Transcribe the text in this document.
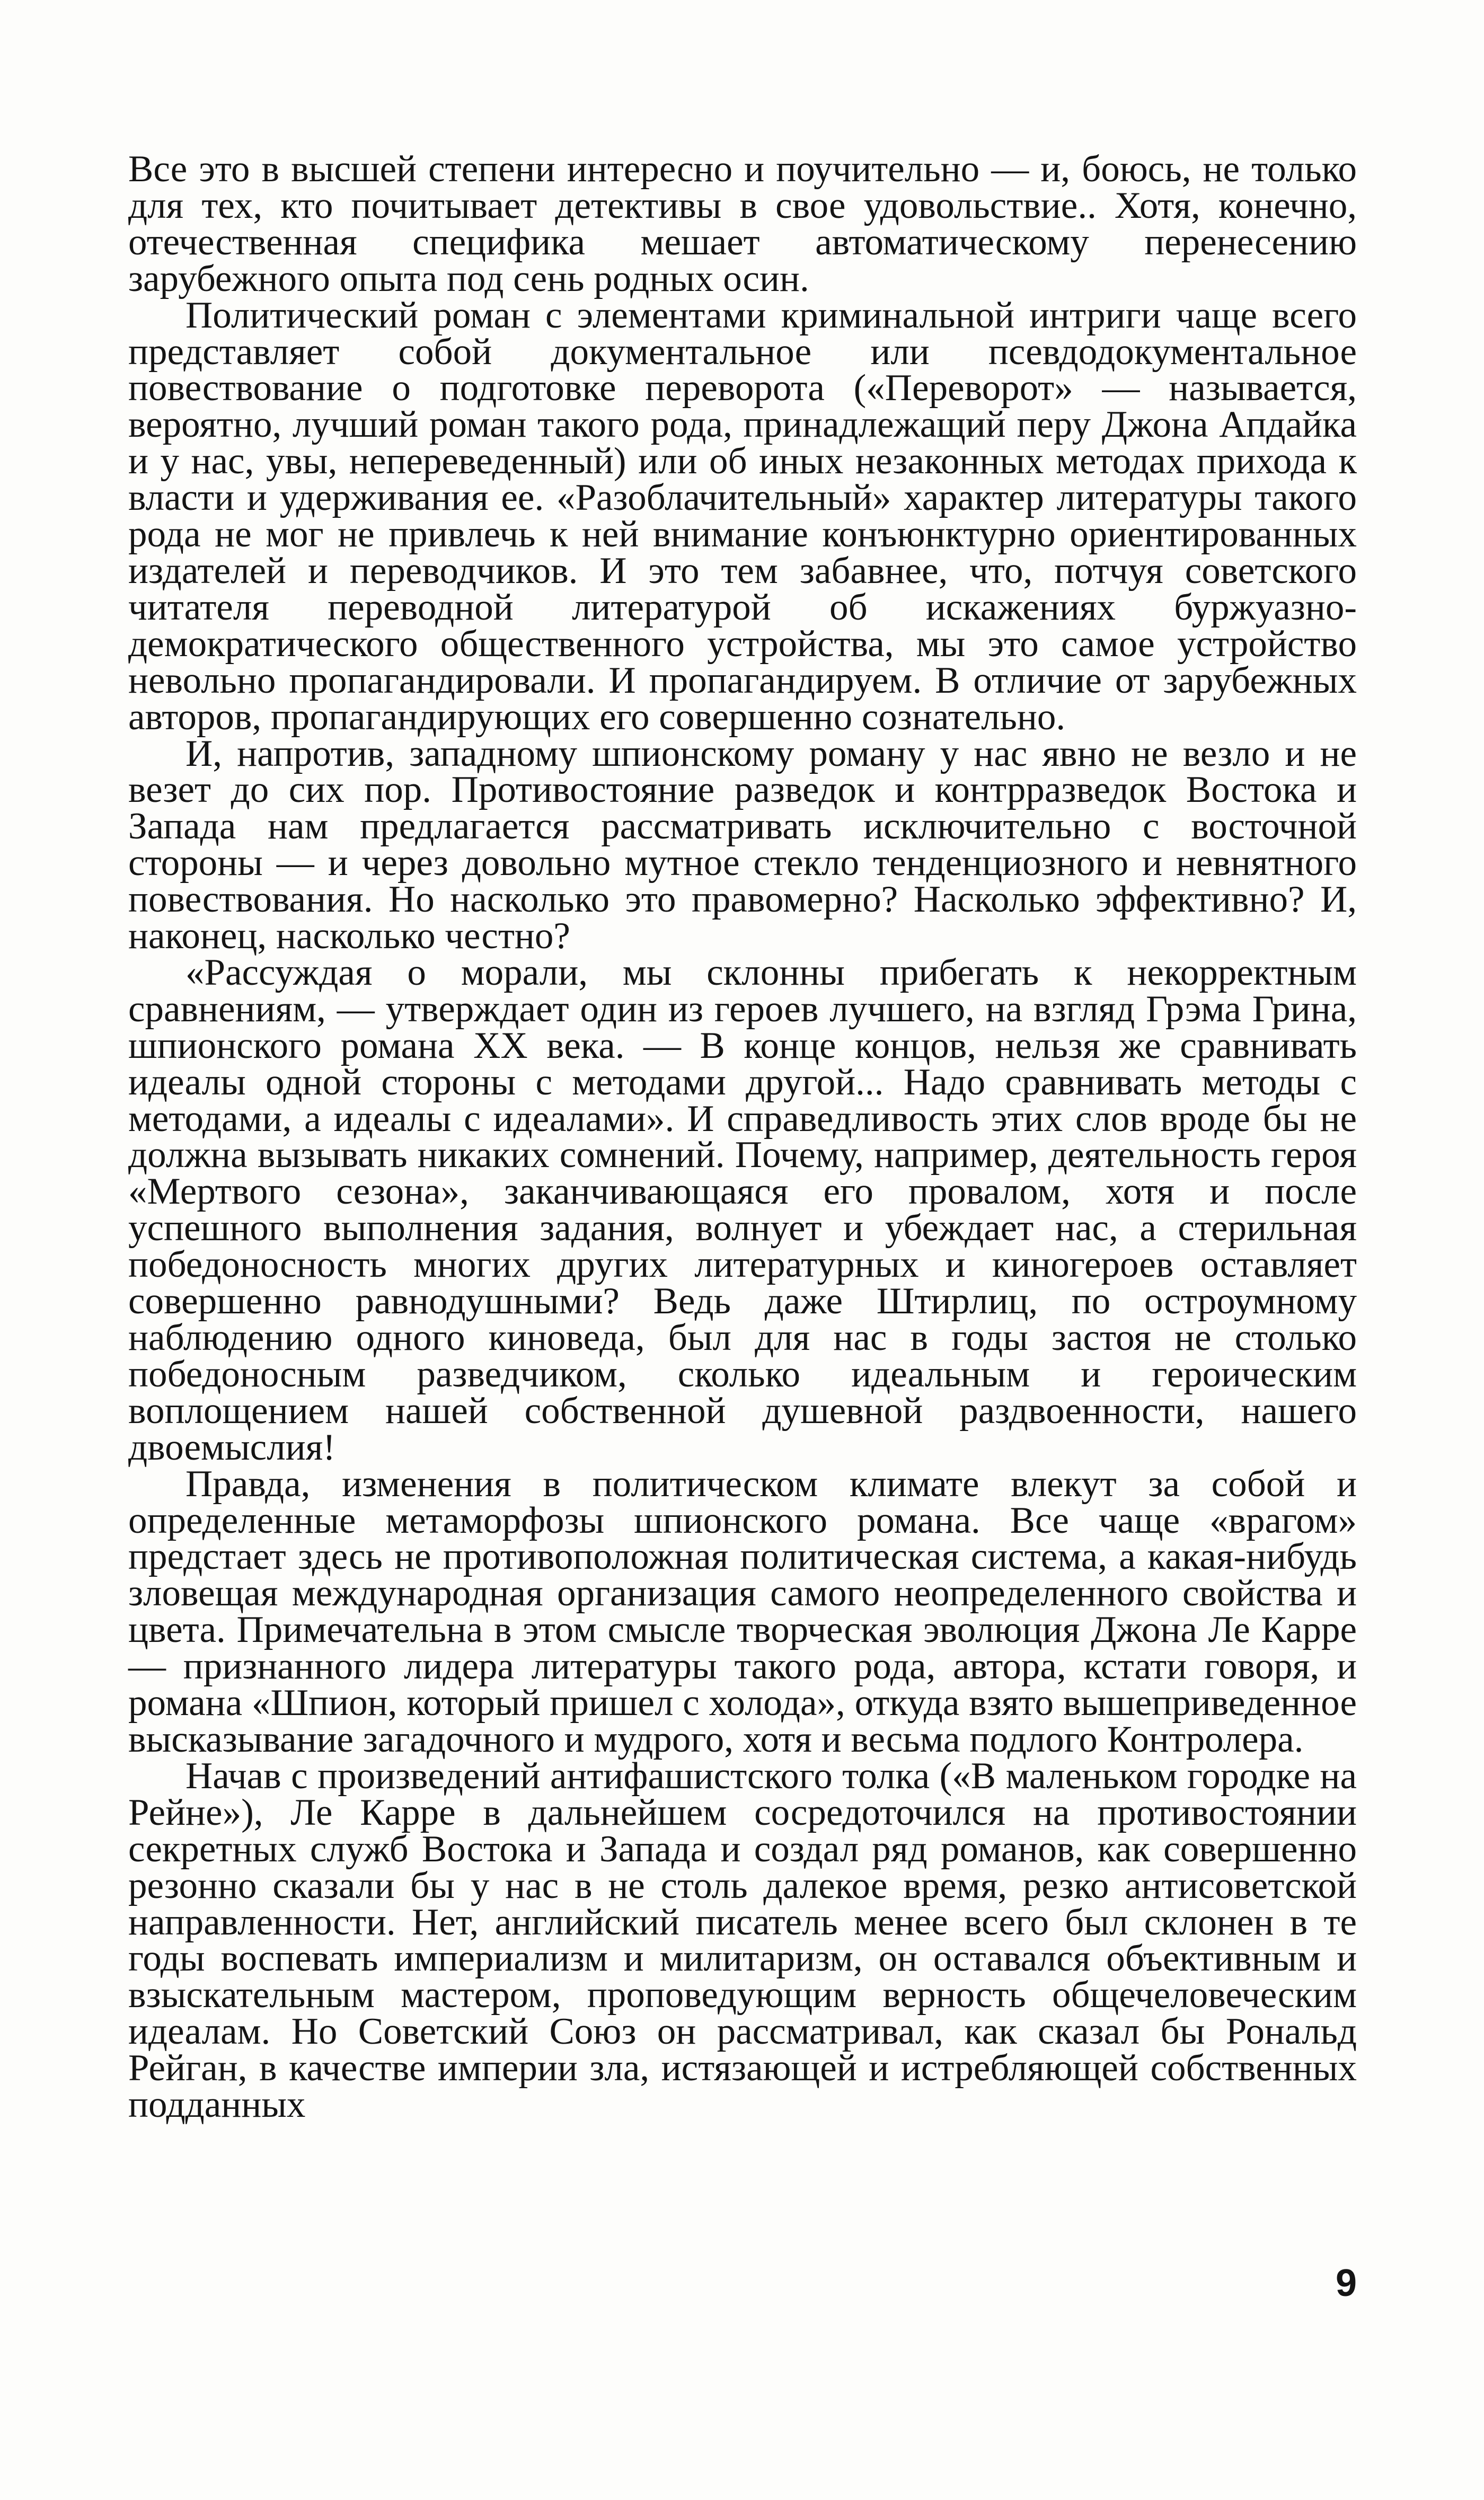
Все это в высшей степени интересно и поучительно — и, боюсь, не только для тех, кто почитывает детективы в свое удовольствие.. Хотя, конечно, отечественная специфика мешает автоматическому перенесению зарубежного опыта под сень родных осин.

Политический роман с элементами криминальной интриги чаще всего представляет собой документальное или псевдодокументальное повествование о подготовке переворота («Переворот» — называется, вероятно, лучший роман такого рода, принадлежащий перу Джона Апдайка и у нас, увы, непереведенный) или об иных незаконных методах прихода к власти и удерживания ее. «Разоблачительный» характер литературы такого рода не мог не привлечь к ней внимание конъюнктурно ориентированных издателей и переводчиков. И это тем забавнее, что, потчуя советского читателя переводной литературой об искажениях буржуазно-демократического общественного устройства, мы это самое устройство невольно пропагандировали. И пропагандируем. В отличие от зарубежных авторов, пропагандирующих его совершенно сознательно.

И, напротив, западному шпионскому роману у нас явно не везло и не везет до сих пор. Противостояние разведок и контрразведок Востока и Запада нам предлагается рассматривать исключительно с восточной стороны — и через довольно мутное стекло тенденциозного и невнятного повествования. Но насколько это правомерно? Насколько эффективно? И, наконец, насколько честно?

«Рассуждая о морали, мы склонны прибегать к некорректным сравнениям, — утверждает один из героев лучшего, на взгляд Грэма Грина, шпионского романа XX века. — В конце концов, нельзя же сравнивать идеалы одной стороны с методами другой... Надо сравнивать методы с методами, а идеалы с идеалами». И справедливость этих слов вроде бы не должна вызывать никаких сомнений. Почему, например, деятельность героя «Мертвого сезона», заканчивающаяся его провалом, хотя и после успешного выполнения задания, волнует и убеждает нас, а стерильная победоносность многих других литературных и киногероев оставляет совершенно равнодушными? Ведь даже Штирлиц, по остроумному наблюдению одного киноведа, был для нас в годы застоя не столько победоносным разведчиком, сколько идеальным и героическим воплощением нашей собственной душевной раздвоенности, нашего двоемыслия!

Правда, изменения в политическом климате влекут за собой и определенные метаморфозы шпионского романа. Все чаще «врагом» предстает здесь не противоположная политическая система, а какая-нибудь зловещая международная организация самого неопределенного свойства и цвета. Примечательна в этом смысле творческая эволюция Джона Ле Карре — признанного лидера литературы такого рода, автора, кстати говоря, и романа «Шпион, который пришел с холода», откуда взято вышеприведенное высказывание загадочного и мудрого, хотя и весьма подлого Контролера.

Начав с произведений антифашистского толка («В маленьком городке на Рейне»), Ле Карре в дальнейшем сосредоточился на противостоянии секретных служб Востока и Запада и создал ряд романов, как совершенно резонно сказали бы у нас в не столь далекое время, резко антисоветской направленности. Нет, английский писатель менее всего был склонен в те годы воспевать империализм и милитаризм, он оставался объективным и взыскательным мастером, проповедующим верность общечеловеческим идеалам. Но Советский Союз он рассматривал, как сказал бы Рональд Рейган, в качестве империи зла, истязающей и истребляющей собственных подданных

9
